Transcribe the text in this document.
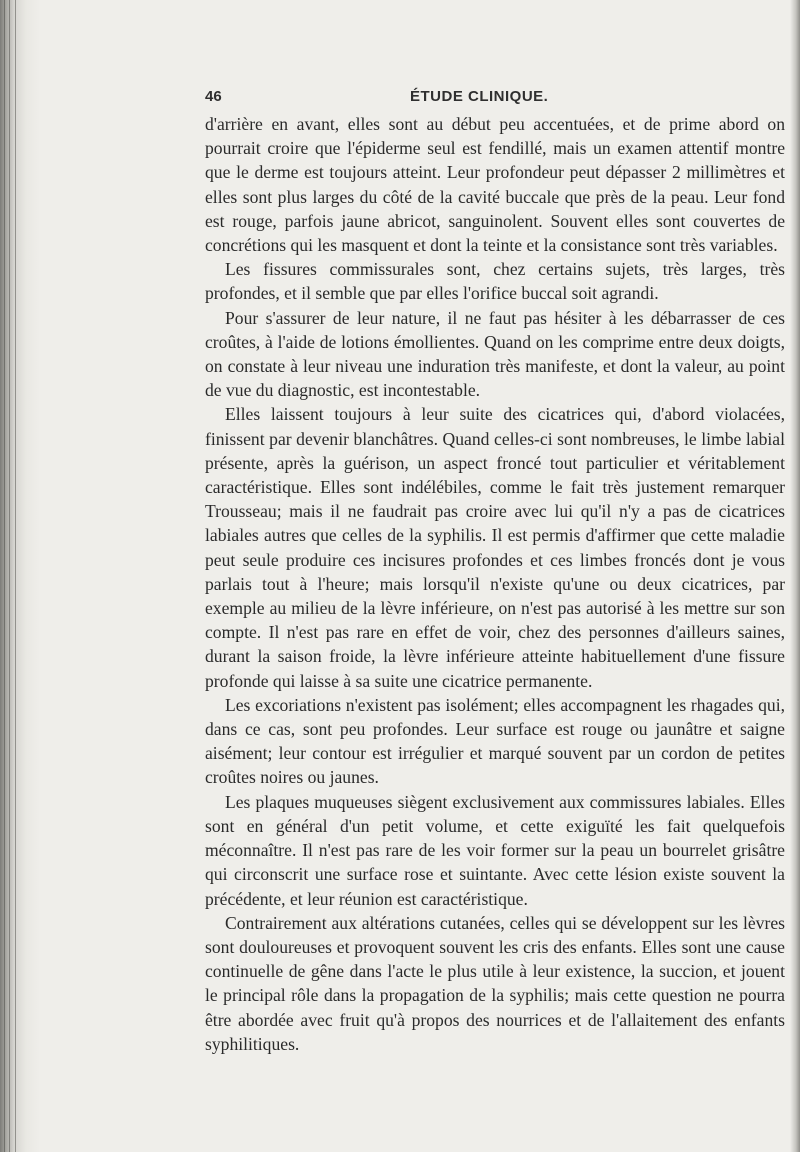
46	ÉTUDE CLINIQUE.

d'arrière en avant, elles sont au début peu accentuées, et de prime abord on pourrait croire que l'épiderme seul est fendillé, mais un examen attentif montre que le derme est toujours atteint. Leur profondeur peut dépasser 2 millimètres et elles sont plus larges du côté de la cavité buccale que près de la peau. Leur fond est rouge, parfois jaune abricot, sanguinolent. Souvent elles sont couvertes de concrétions qui les masquent et dont la teinte et la consistance sont très variables.

Les fissures commissurales sont, chez certains sujets, très larges, très profondes, et il semble que par elles l'orifice buccal soit agrandi.

Pour s'assurer de leur nature, il ne faut pas hésiter à les débarrasser de ces croûtes, à l'aide de lotions émollientes. Quand on les comprime entre deux doigts, on constate à leur niveau une induration très manifeste, et dont la valeur, au point de vue du diagnostic, est incontestable.

Elles laissent toujours à leur suite des cicatrices qui, d'abord violacées, finissent par devenir blanchâtres. Quand celles-ci sont nombreuses, le limbe labial présente, après la guérison, un aspect froncé tout particulier et véritablement caractéristique. Elles sont indélébiles, comme le fait très justement remarquer Trousseau; mais il ne faudrait pas croire avec lui qu'il n'y a pas de cicatrices labiales autres que celles de la syphilis. Il est permis d'affirmer que cette maladie peut seule produire ces incisures profondes et ces limbes froncés dont je vous parlais tout à l'heure; mais lorsqu'il n'existe qu'une ou deux cicatrices, par exemple au milieu de la lèvre inférieure, on n'est pas autorisé à les mettre sur son compte. Il n'est pas rare en effet de voir, chez des personnes d'ailleurs saines, durant la saison froide, la lèvre inférieure atteinte habituellement d'une fissure profonde qui laisse à sa suite une cicatrice permanente.

Les excoriations n'existent pas isolément; elles accompagnent les rhagades qui, dans ce cas, sont peu profondes. Leur surface est rouge ou jaunâtre et saigne aisément; leur contour est irrégulier et marqué souvent par un cordon de petites croûtes noires ou jaunes.

Les plaques muqueuses siègent exclusivement aux commissures labiales. Elles sont en général d'un petit volume, et cette exiguïté les fait quelquefois méconnaître. Il n'est pas rare de les voir former sur la peau un bourrelet grisâtre qui circonscrit une surface rose et suintante. Avec cette lésion existe souvent la précédente, et leur réunion est caractéristique.

Contrairement aux altérations cutanées, celles qui se développent sur les lèvres sont douloureuses et provoquent souvent les cris des enfants. Elles sont une cause continuelle de gêne dans l'acte le plus utile à leur existence, la succion, et jouent le principal rôle dans la propagation de la syphilis; mais cette question ne pourra être abordée avec fruit qu'à propos des nourrices et de l'allaitement des enfants syphilitiques.
